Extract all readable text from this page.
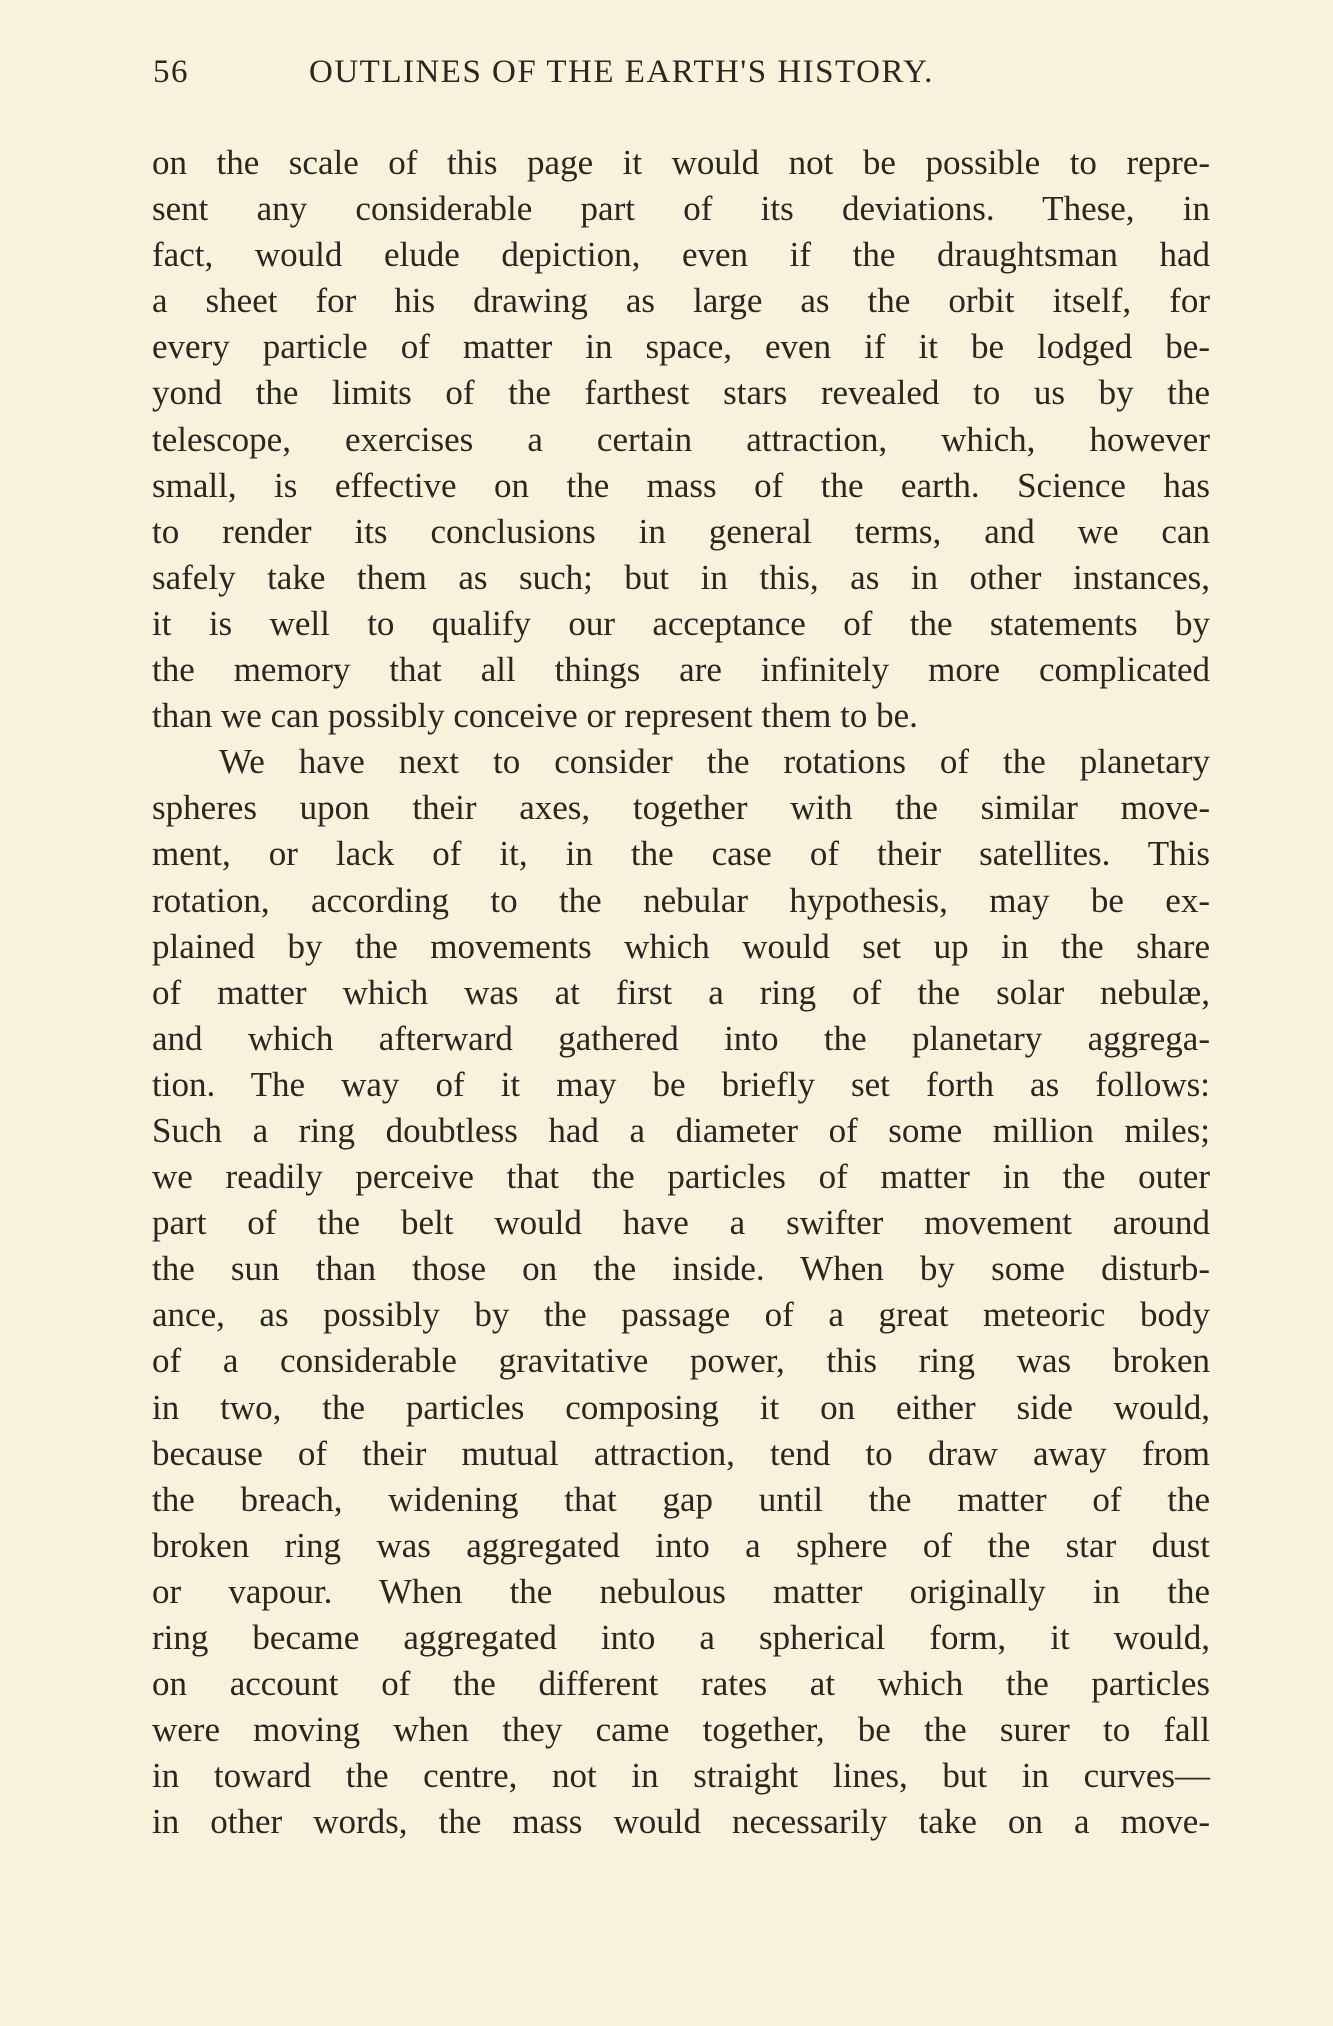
56	OUTLINES OF THE EARTH'S HISTORY.
on the scale of this page it would not be possible to repre-
sent any considerable part of its deviations. These, in
fact, would elude depiction, even if the draughtsman had
a sheet for his drawing as large as the orbit itself, for
every particle of matter in space, even if it be lodged be-
yond the limits of the farthest stars revealed to us by the
telescope, exercises a certain attraction, which, however
small, is effective on the mass of the earth. Science has
to render its conclusions in general terms, and we can
safely take them as such; but in this, as in other instances,
it is well to qualify our acceptance of the statements by
the memory that all things are infinitely more complicated
than we can possibly conceive or represent them to be.
We have next to consider the rotations of the planetary
spheres upon their axes, together with the similar move-
ment, or lack of it, in the case of their satellites. This
rotation, according to the nebular hypothesis, may be ex-
plained by the movements which would set up in the share
of matter which was at first a ring of the solar nebulæ,
and which afterward gathered into the planetary aggrega-
tion. The way of it may be briefly set forth as follows:
Such a ring doubtless had a diameter of some million miles;
we readily perceive that the particles of matter in the outer
part of the belt would have a swifter movement around
the sun than those on the inside. When by some disturb-
ance, as possibly by the passage of a great meteoric body
of a considerable gravitative power, this ring was broken
in two, the particles composing it on either side would,
because of their mutual attraction, tend to draw away from
the breach, widening that gap until the matter of the
broken ring was aggregated into a sphere of the star dust
or vapour. When the nebulous matter originally in the
ring became aggregated into a spherical form, it would,
on account of the different rates at which the particles
were moving when they came together, be the surer to fall
in toward the centre, not in straight lines, but in curves—
in other words, the mass would necessarily take on a move-
